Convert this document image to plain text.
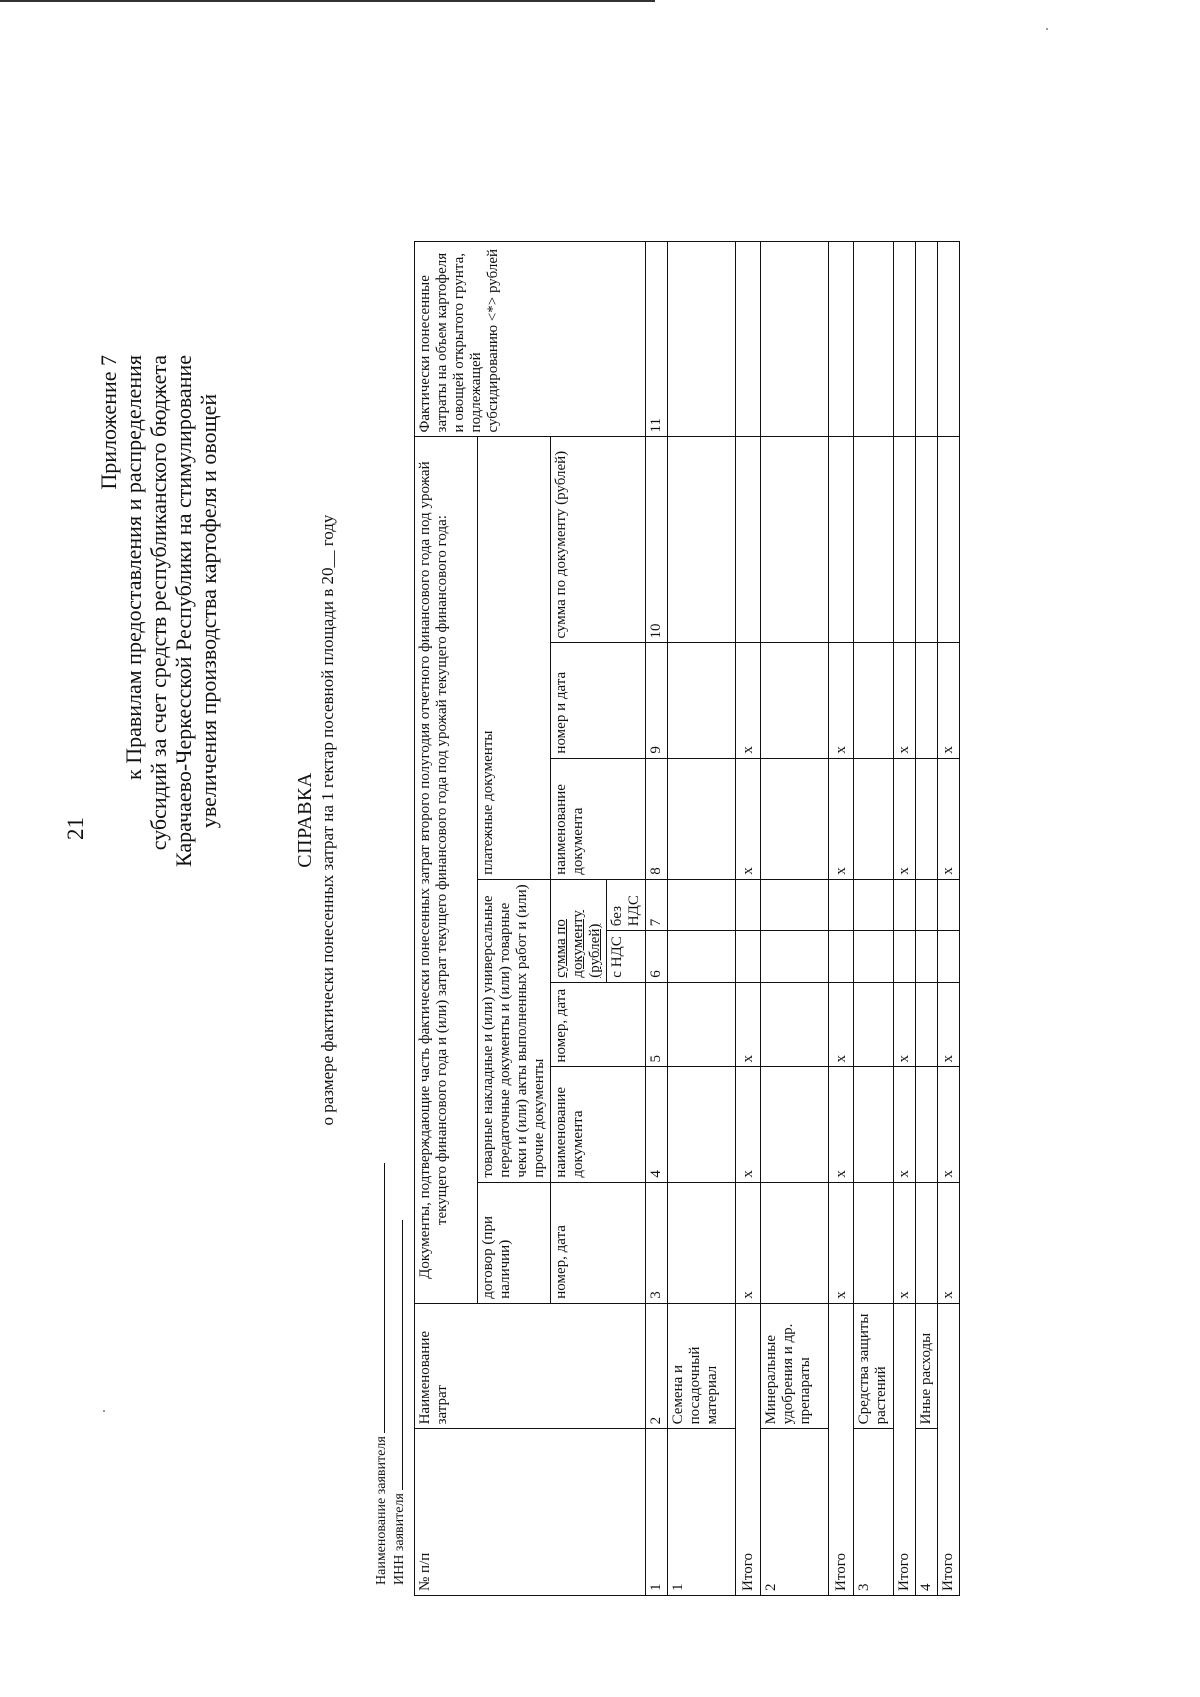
21
Приложение 7 к Правилам предоставления и распределения субсидий за счет средств республиканского бюджета Карачаево-Черкесской Республики на стимулирование увеличения производства картофеля и овощей	СПРАВКА о размере фактически понесенных затрат на 1 гектар посевной площади в 20__ году
Наименование заявителя ИНН заявителя № п/п	Наименование затрат	Документы, подтверждающие часть фактически понесенных затрат второго полугодия отчетного финансового года под урожай текущего финансового года и (или) затрат текущего финансового года под урожай текущего финансового года:								Фактически понесенные затраты на объем картофеля и овощей открытого грунта, подлежащей субсидированию <*> рублей
		договор (при наличии)	товарные накладные и (или) универсальные передаточные документы и (или) товарные чеки и (или) акты выполненных работ и (или) прочие документы				платежные документы			
		номер, дата	наименование документа	номер, дата	сумма по документу (рублей)		наименование документа	номер и дата	сумма по документу (рублей)	
					с НДС	без НДС				
1	2	3	4	5	6	7	8	9	10	11
1	Семена и посадочный материал									
Итого		x	x	x			x	x		
2	Минеральные удобрения и др. препараты									
Итого		x	x	x			x	x		
3	Средства защиты растений									
Итого		x	x	x			x	x		
4	Иные расходы									
Итого		x	x	x			x	x		
